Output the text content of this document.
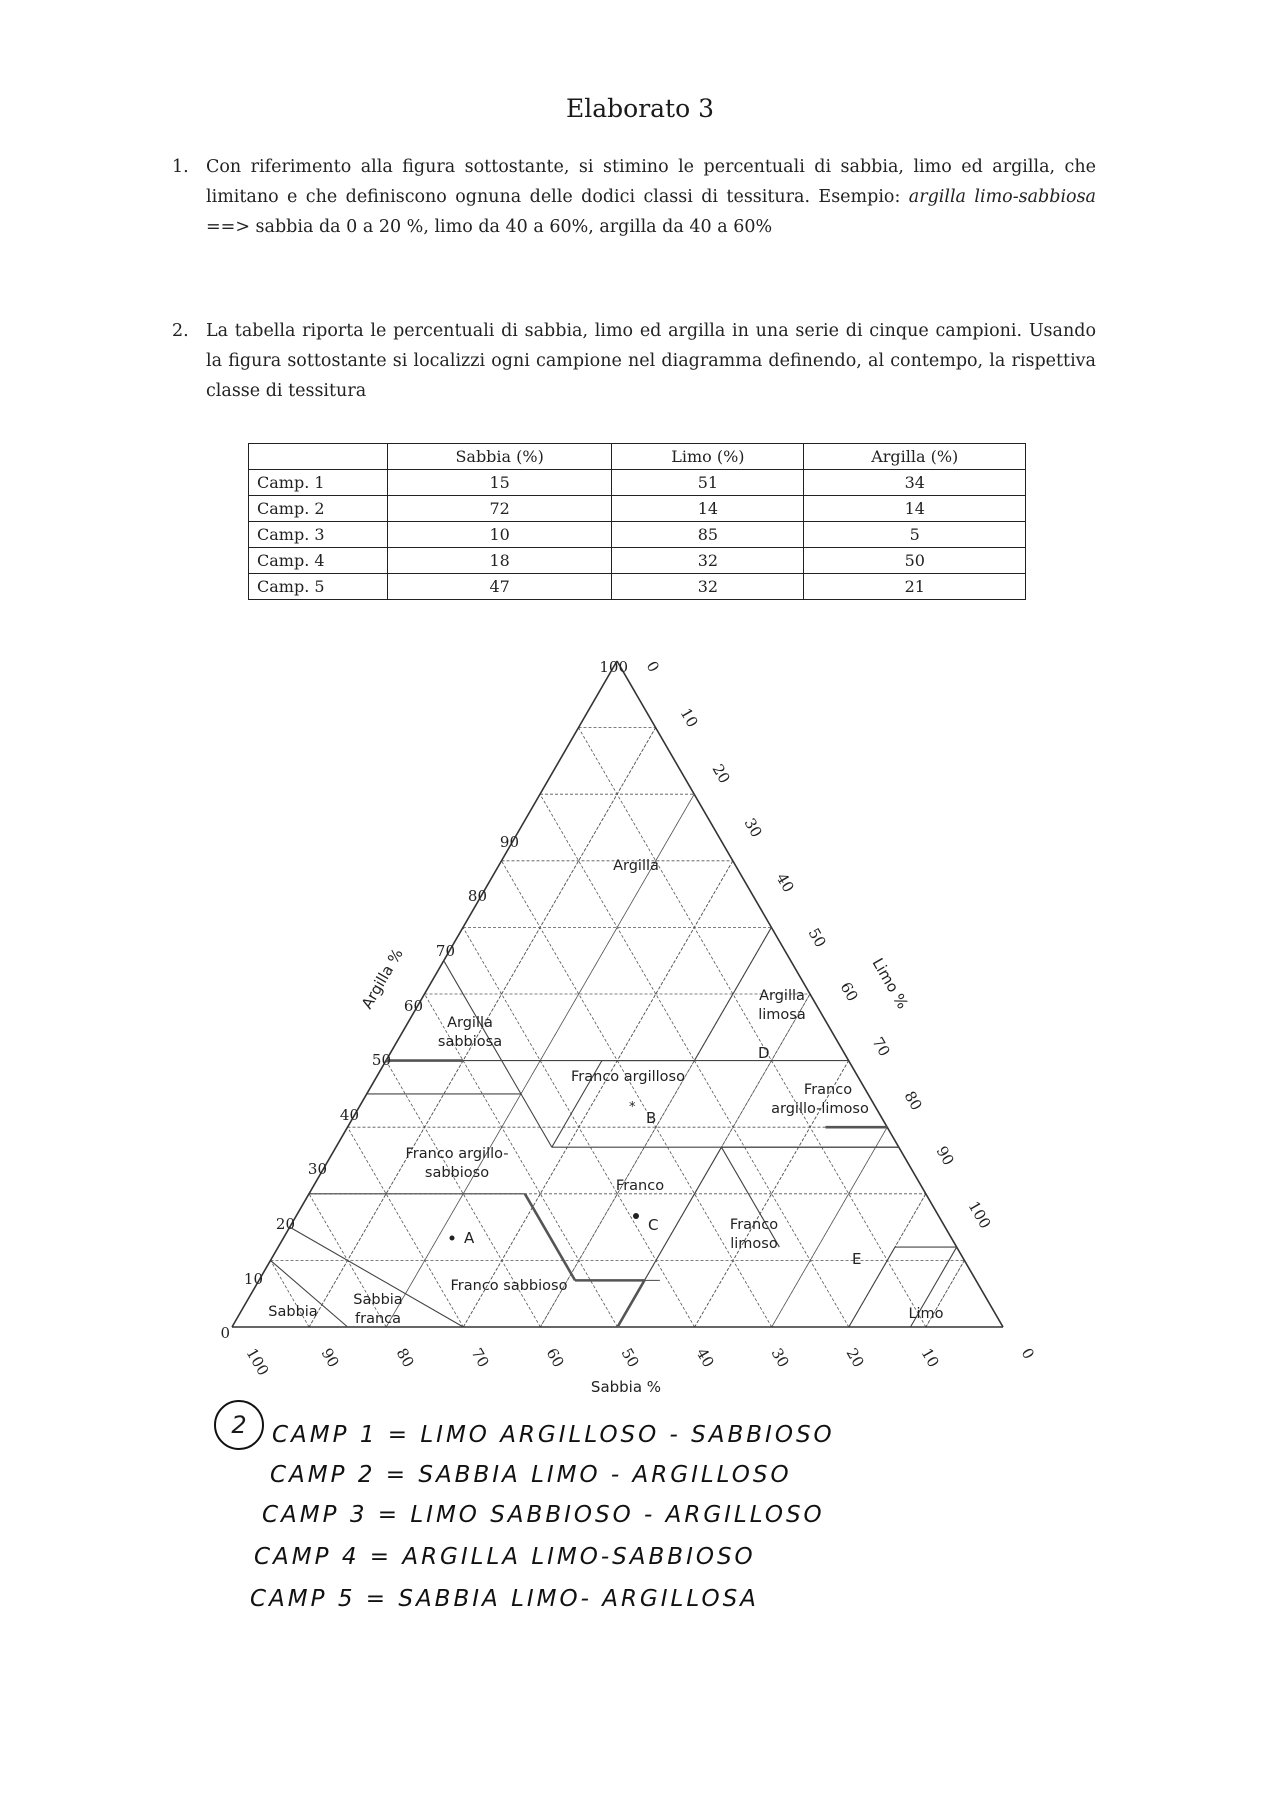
Elaborato 3
1. Con riferimento alla figura sottostante, si stimino le percentuali di sabbia, limo ed argilla, che limitano e che definiscono ognuna delle dodici classi di tessitura. Esempio: argilla limo-sabbiosa ==> sabbia da 0 a 20 %, limo da 40 a 60%, argilla da 40 a 60%

2. La tabella riporta le percentuali di sabbia, limo ed argilla in una serie di cinque campioni. Usando la figura sottostante si localizzi ogni campione nel diagramma definendo, al contempo, la rispettiva classe di tessitura

	Sabbia (%)	Limo (%)	Argilla (%)
Camp. 1	15	51	34
Camp. 2	72	14	14
Camp. 3	10	85	5
Camp. 4	18	32	50
Camp. 5	47	32	21
0
10
20
30
40
50
60
70
80
90
100 0
10
20
30
40
50
60
70
80
90
100
100	90	80	70	60	50	40	30	20	10	0
Argilla %	Limo %
Sabbia %
Argilla
Argilla
sabbiosa
Argilla
limosa
Franco argilloso
Franco
argillo-limoso
Franco argillo-
sabbioso
Franco
Franco
limoso
Franco sabbioso
Sabbia
franca
Sabbia	Limo
A
*
B
C
D
E
2	CAMP 1 = LIMO ARGILLOSO - SABBIOSO
CAMP 2 = SABBIA LIMO - ARGILLOSO
CAMP 3 = LIMO SABBIOSO - ARGILLOSO
CAMP 4 = ARGILLA LIMO-SABBIOSO
CAMP 5 = SABBIA LIMO- ARGILLOSA
